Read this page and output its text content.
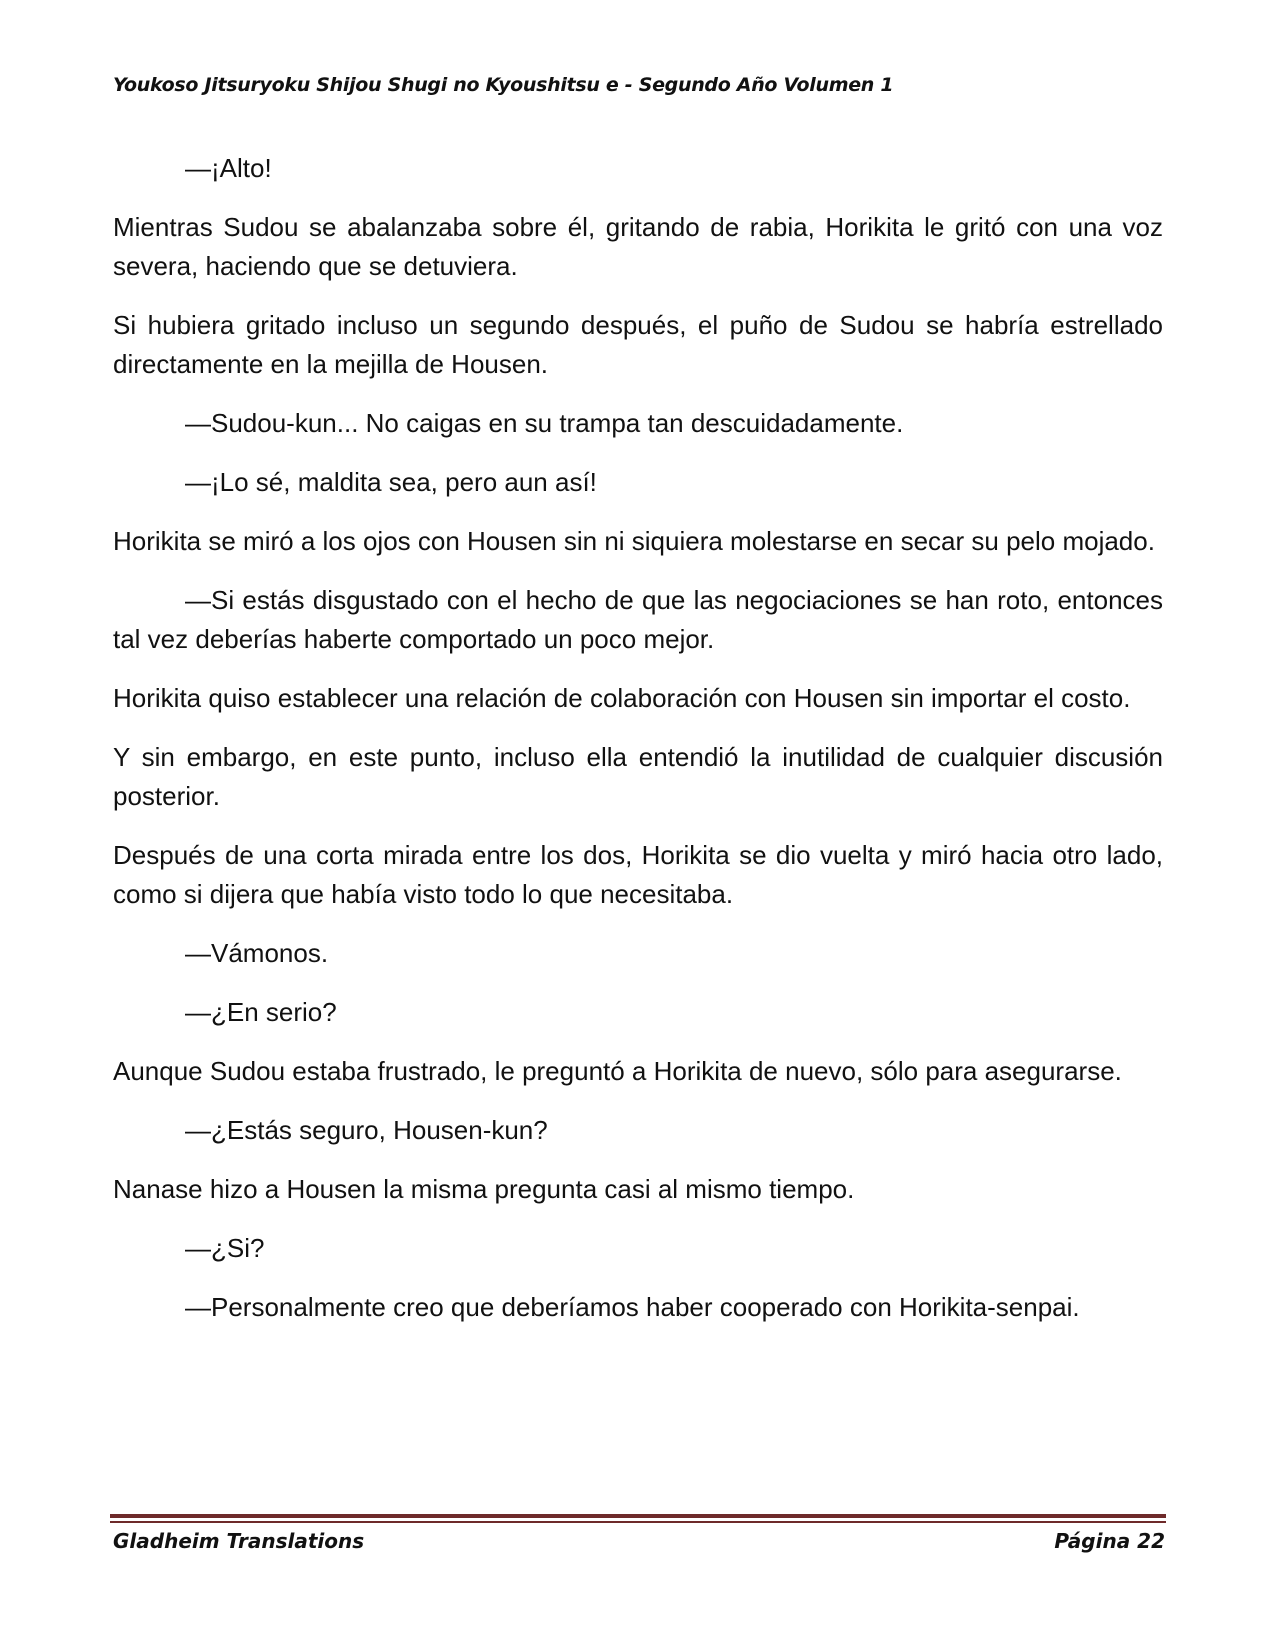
Youkoso Jitsuryoku Shijou Shugi no Kyoushitsu e - Segundo Año Volumen 1

—¡Alto!

Mientras Sudou se abalanzaba sobre él, gritando de rabia, Horikita le gritó con una voz severa, haciendo que se detuviera.

Si hubiera gritado incluso un segundo después, el puño de Sudou se habría estrellado directamente en la mejilla de Housen.

—Sudou-kun... No caigas en su trampa tan descuidadamente.

—¡Lo sé, maldita sea, pero aun así!

Horikita se miró a los ojos con Housen sin ni siquiera molestarse en secar su pelo mojado.

—Si estás disgustado con el hecho de que las negociaciones se han roto, entonces tal vez deberías haberte comportado un poco mejor.

Horikita quiso establecer una relación de colaboración con Housen sin importar el costo.

Y sin embargo, en este punto, incluso ella entendió la inutilidad de cualquier discusión posterior.

Después de una corta mirada entre los dos, Horikita se dio vuelta y miró hacia otro lado, como si dijera que había visto todo lo que necesitaba.

—Vámonos.

—¿En serio?

Aunque Sudou estaba frustrado, le preguntó a Horikita de nuevo, sólo para asegurarse.

—¿Estás seguro, Housen-kun?

Nanase hizo a Housen la misma pregunta casi al mismo tiempo.

—¿Si?

—Personalmente creo que deberíamos haber cooperado con Horikita-senpai.

Gladheim Translations	Página 22
